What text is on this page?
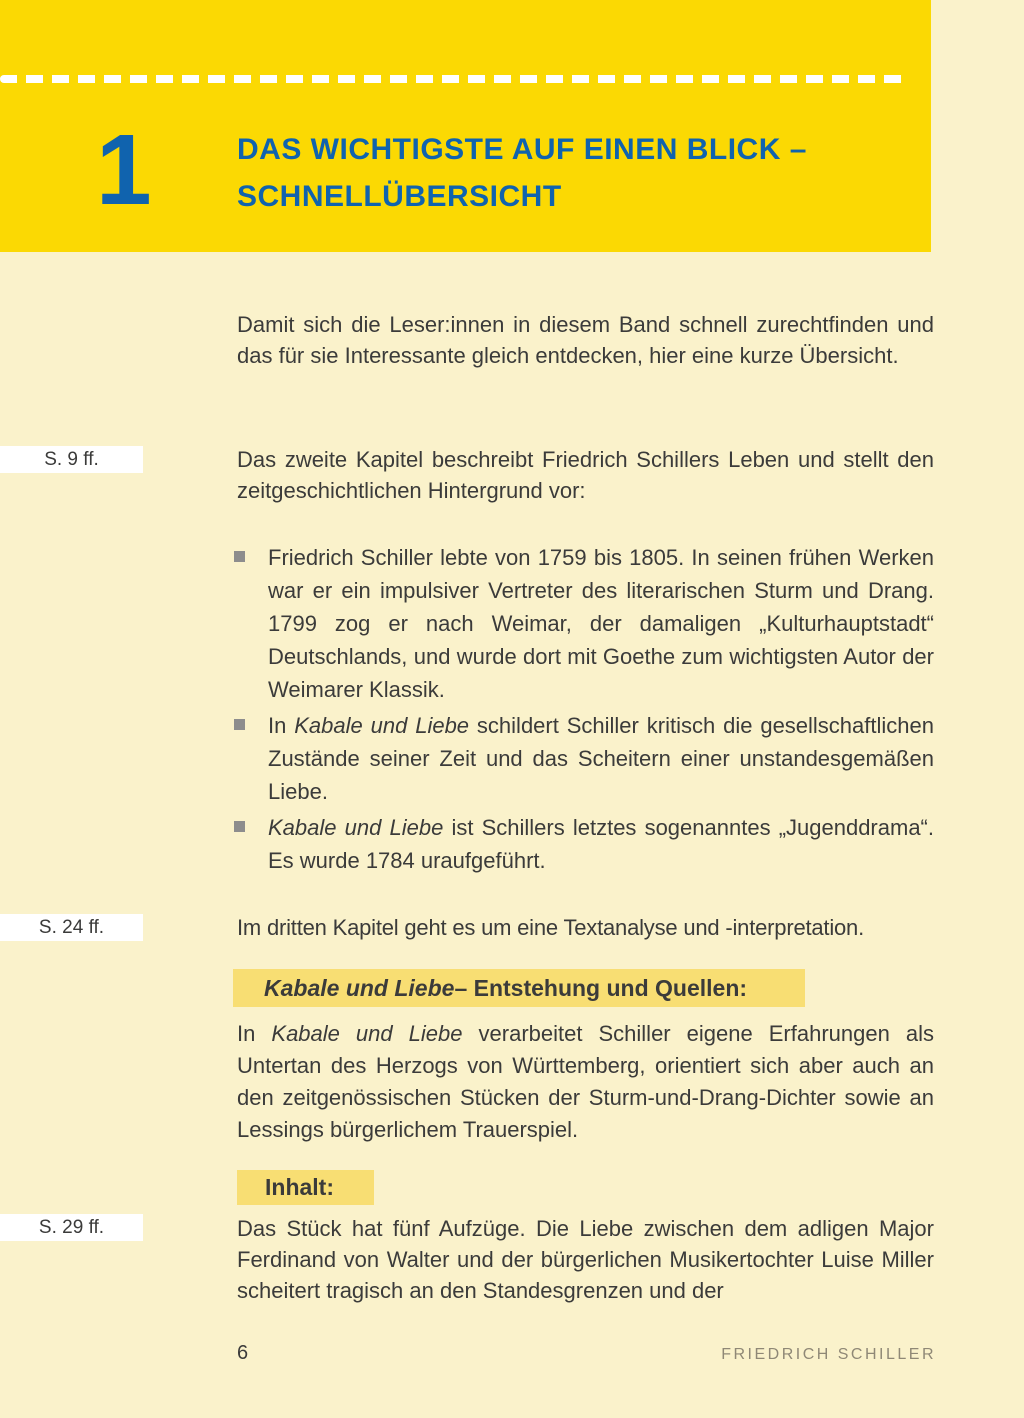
1	DAS WICHTIGSTE AUF EINEN BLICK –
SCHNELLÜBERSICHT
S. 9 ff.
S. 24 ff.
S. 29 ff.

Damit sich die Leser:innen in diesem Band schnell zurechtfinden und das für sie Interessante gleich entdecken, hier eine kurze Übersicht.

Das zweite Kapitel beschreibt Friedrich Schillers Leben und stellt den zeitgeschichtlichen Hintergrund vor:

Friedrich Schiller lebte von 1759 bis 1805. In seinen frühen Werken war er ein impulsiver Vertreter des literarischen Sturm und Drang. 1799 zog er nach Weimar, der damaligen „Kulturhauptstadt“ Deutschlands, und wurde dort mit Goethe zum wichtigsten Autor der Weimarer Klassik.
In Kabale und Liebe schildert Schiller kritisch die gesellschaftlichen Zustände seiner Zeit und das Scheitern einer unstandesgemäßen Liebe.
Kabale und Liebe ist Schillers letztes sogenanntes „Jugenddrama“. Es wurde 1784 uraufgeführt.

Im dritten Kapitel geht es um eine Textanalyse und -interpretation.

Kabale und Liebe – Entstehung und Quellen:

In Kabale und Liebe verarbeitet Schiller eigene Erfahrungen als Untertan des Herzogs von Württemberg, orientiert sich aber auch an den zeitgenössischen Stücken der Sturm-und-Drang-Dichter sowie an Lessings bürgerlichem Trauerspiel.

Inhalt:

Das Stück hat fünf Aufzüge. Die Liebe zwischen dem adligen Major Ferdinand von Walter und der bürgerlichen Musikertochter Luise Miller scheitert tragisch an den Standesgrenzen und der

6	FRIEDRICH SCHILLER
